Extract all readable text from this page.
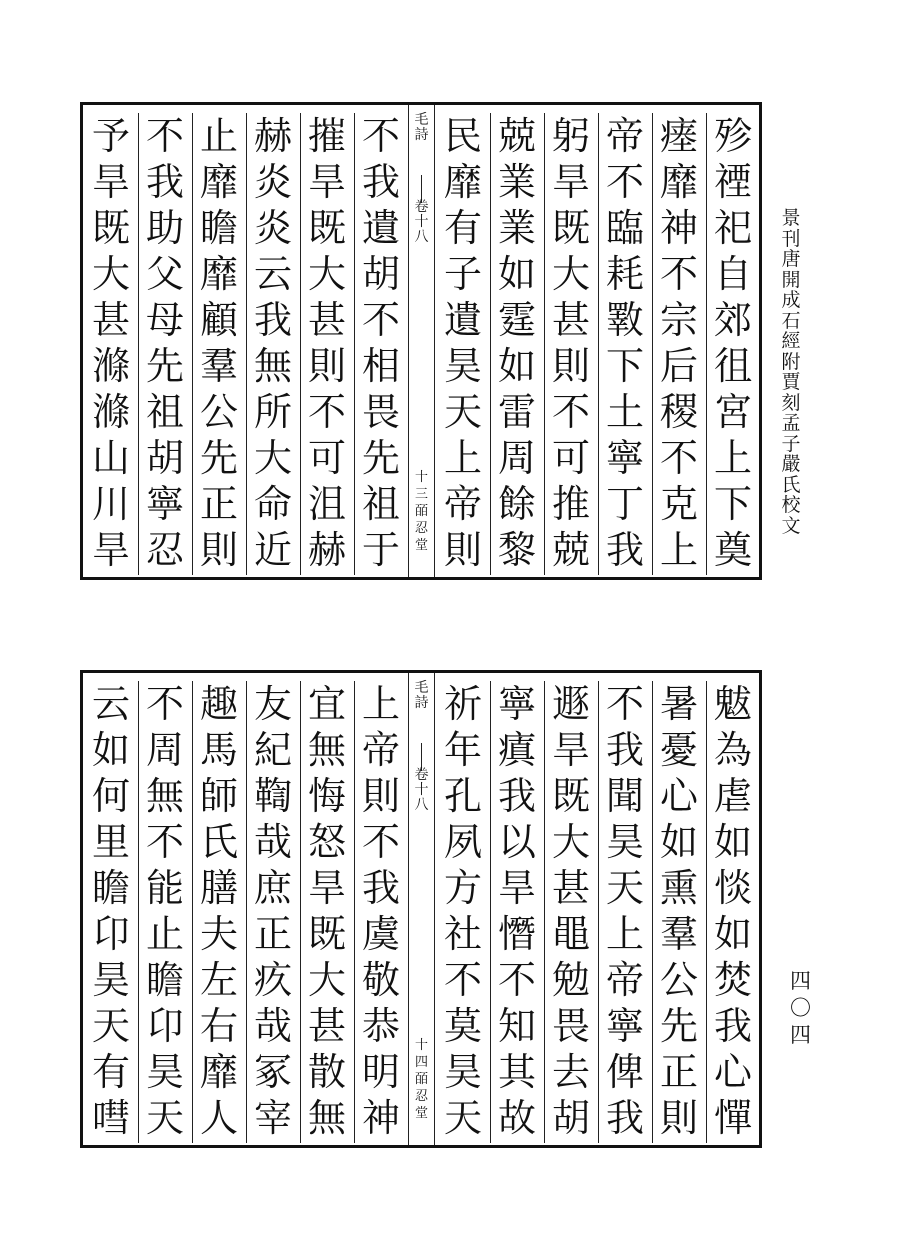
景
刊
唐
開
成
石
經
附
賈
刻
孟
子
嚴
氏
校
文
殄
禋
祀
自
郊
徂
宮
上
下
奠
瘗
靡
神
不
宗
后
稷
不
克
上
帝
不
臨
耗
斁
下
土
寧
丁
我
躬
旱
既
大
甚
則
不
可
推
兢
兢
業
業
如
霆
如
雷
周
餘
黎
民
靡
有
子
遺
昊
天
上
帝
則
毛
詩
卷
十
八
十
三
皕
忍
堂
不
我
遺
胡
不
相
畏
先
祖
于
摧
旱
既
大
甚
則
不
可
沮
赫
赫
炎
炎
云
我
無
所
大
命
近
止
靡
瞻
靡
顧
羣
公
先
正
則
不
我
助
父
母
先
祖
胡
寧
忍
予
旱
既
大
甚
滌
滌
山
川
旱
魃
為
虐
如
惔
如
焚
我
心
憚
暑
憂
心
如
熏
羣
公
先
正
則
不
我
聞
昊
天
上
帝
寧
俾
我
遯
旱
既
大
甚
黽
勉
畏
去
胡
寧
瘨
我
以
旱
憯
不
知
其
故
祈
年
孔
夙
方
社
不
莫
昊
天
毛
詩
卷
十
八
十
四
皕
忍
堂
上
帝
則
不
我
虞
敬
恭
明
神
宜
無
悔
怒
旱
既
大
甚
散
無
友
紀
鞫
哉
庶
正
疚
哉
冢
宰
趣
馬
師
氏
膳
夫
左
右
靡
人
不
周
無
不
能
止
瞻
卬
昊
天
云
如
何
里
瞻
卬
昊
天
有
嘒
四
〇
四
